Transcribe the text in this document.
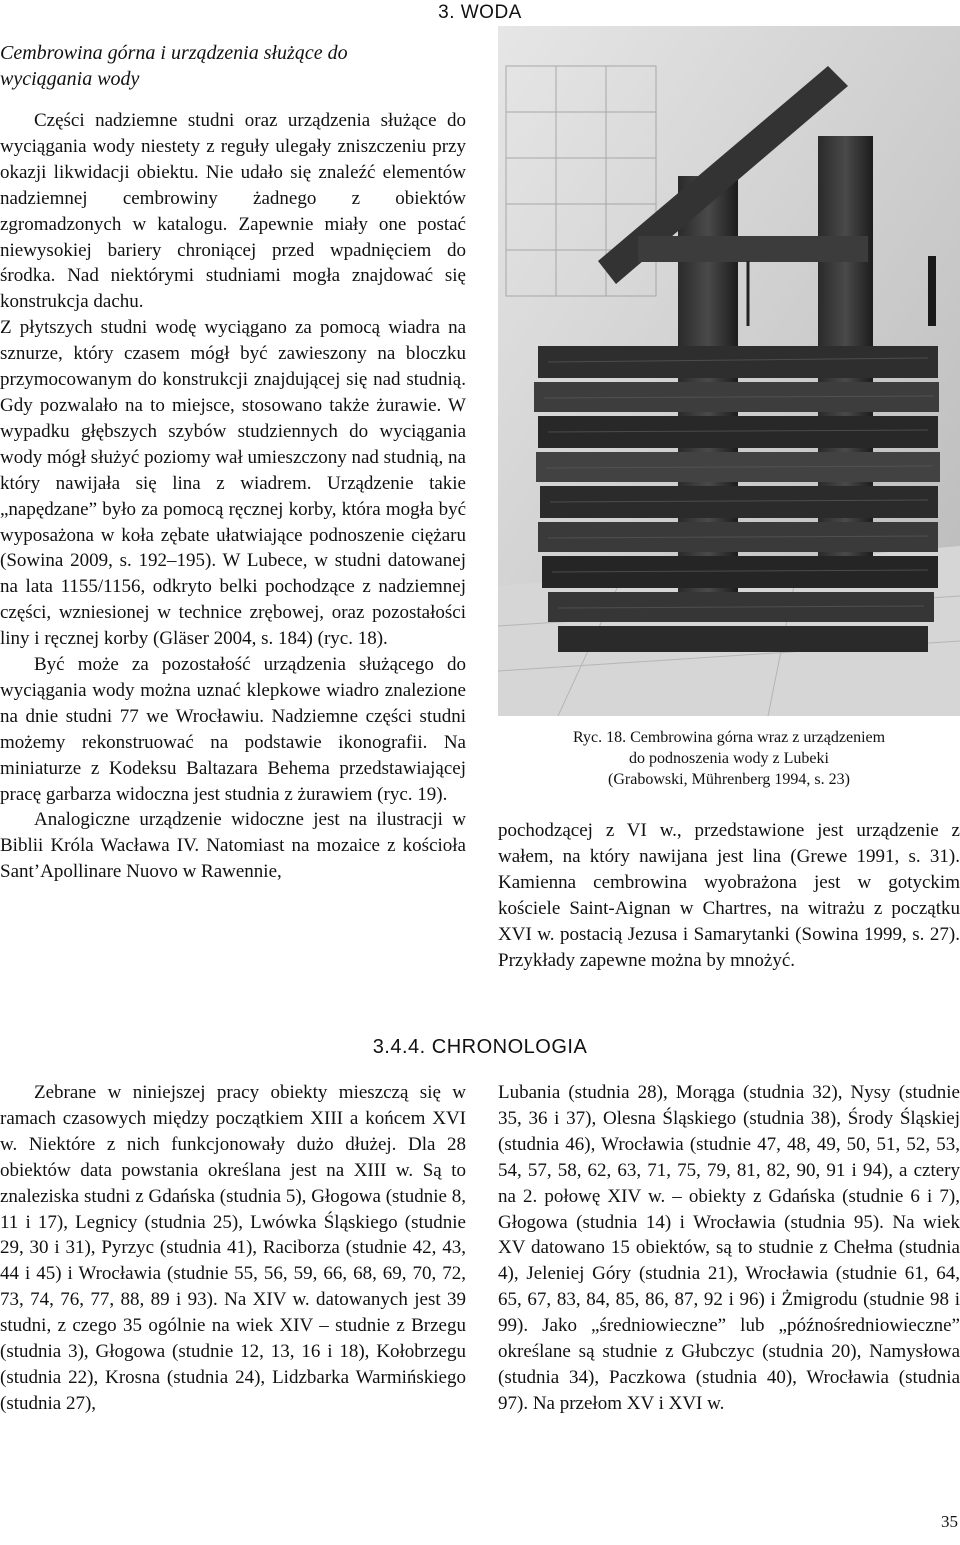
3. WODA
Cembrowina górna i urządzenia służące do
wyciągania wody

Części nadziemne studni oraz urządzenia służące do wyciągania wody niestety z reguły ulegały zniszczeniu przy okazji likwidacji obiektu. Nie udało się znaleźć elementów nadziemnej cembrowiny żadnego z obiektów zgromadzonych w katalogu. Zapewnie miały one postać niewysokiej bariery chroniącej przed wpadnięciem do środka. Nad niektórymi studniami mogła znajdować się konstrukcja dachu.

Z płytszych studni wodę wyciągano za pomocą wiadra na sznurze, który czasem mógł być zawieszony na bloczku przymocowanym do konstrukcji znajdującej się nad studnią. Gdy pozwalało na to miejsce, stosowano także żurawie. W wypadku głębszych szybów studziennych do wyciągania wody mógł służyć poziomy wał umieszczony nad studnią, na który nawijała się lina z wiadrem. Urządzenie takie „napędzane” było za pomocą ręcznej korby, która mogła być wyposażona w koła zębate ułatwiające podnoszenie ciężaru (Sowina 2009, s. 192–195). W Lubece, w studni datowanej na lata 1155/1156, odkryto belki pochodzące z nadziemnej części, wzniesionej w technice zrębowej, oraz pozostałości liny i ręcznej korby (Gläser 2004, s. 184) (ryc. 18).

Być może za pozostałość urządzenia służącego do wyciągania wody można uznać klepkowe wiadro znalezione na dnie studni 77 we Wrocławiu. Nadziemne części studni możemy rekonstruować na podstawie ikonografii. Na miniaturze z Kodeksu Baltazara Behema przedstawiającej pracę garbarza widoczna jest studnia z żurawiem (ryc. 19).

Analogiczne urządzenie widoczne jest na ilustracji w Biblii Króla Wacława IV. Natomiast na mozaice z kościoła Sant’Apollinare Nuovo w Rawennie,

Ryc. 18. Cembrowina górna wraz z urządzeniem
do podnoszenia wody z Lubeki
(Grabowski, Mührenberg 1994, s. 23)

pochodzącej z VI w., przedstawione jest urządzenie z wałem, na który nawijana jest lina (Grewe 1991, s. 31). Kamienna cembrowina wyobrażona jest w gotyckim kościele Saint-Aignan w Chartres, na witrażu z początku XVI w. postacią Jezusa i Samarytanki (Sowina 1999, s. 27). Przykłady zapewne można by mnożyć.

3.4.4. CHRONOLOGIA

Zebrane w niniejszej pracy obiekty mieszczą się w ramach czasowych między początkiem XIII a końcem XVI w. Niektóre z nich funkcjonowały dużo dłużej. Dla 28 obiektów data powstania określana jest na XIII w. Są to znaleziska studni z Gdańska (studnia 5), Głogowa (studnie 8, 11 i 17), Legnicy (studnia 25), Lwówka Śląskiego (studnie 29, 30 i 31), Pyrzyc (studnia 41), Raciborza (studnie 42, 43, 44 i 45) i Wrocławia (studnie 55, 56, 59, 66, 68, 69, 70, 72, 73, 74, 76, 77, 88, 89 i 93). Na XIV w. datowanych jest 39 studni, z czego 35 ogólnie na wiek XIV – studnie z Brzegu (studnia 3), Głogowa (studnie 12, 13, 16 i 18), Kołobrzegu (studnia 22), Krosna (studnia 24), Lidzbarka Warmińskiego (studnia 27),

Lubania (studnia 28), Morąga (studnia 32), Nysy (studnie 35, 36 i 37), Olesna Śląskiego (studnia 38), Środy Śląskiej (studnia 46), Wrocławia (studnie 47, 48, 49, 50, 51, 52, 53, 54, 57, 58, 62, 63, 71, 75, 79, 81, 82, 90, 91 i 94), a cztery na 2. połowę XIV w. – obiekty z Gdańska (studnie 6 i 7), Głogowa (studnia 14) i Wrocławia (studnia 95). Na wiek XV datowano 15 obiektów, są to studnie z Chełma (studnia 4), Jeleniej Góry (studnia 21), Wrocławia (studnie 61, 64, 65, 67, 83, 84, 85, 86, 87, 92 i 96) i Żmigrodu (studnie 98 i 99). Jako „średniowieczne” lub „późnośredniowieczne” określane są studnie z Głubczyc (studnia 20), Namysłowa (studnia 34), Paczkowa (studnia 40), Wrocławia (studnia 97). Na przełom XV i XVI w.

35
